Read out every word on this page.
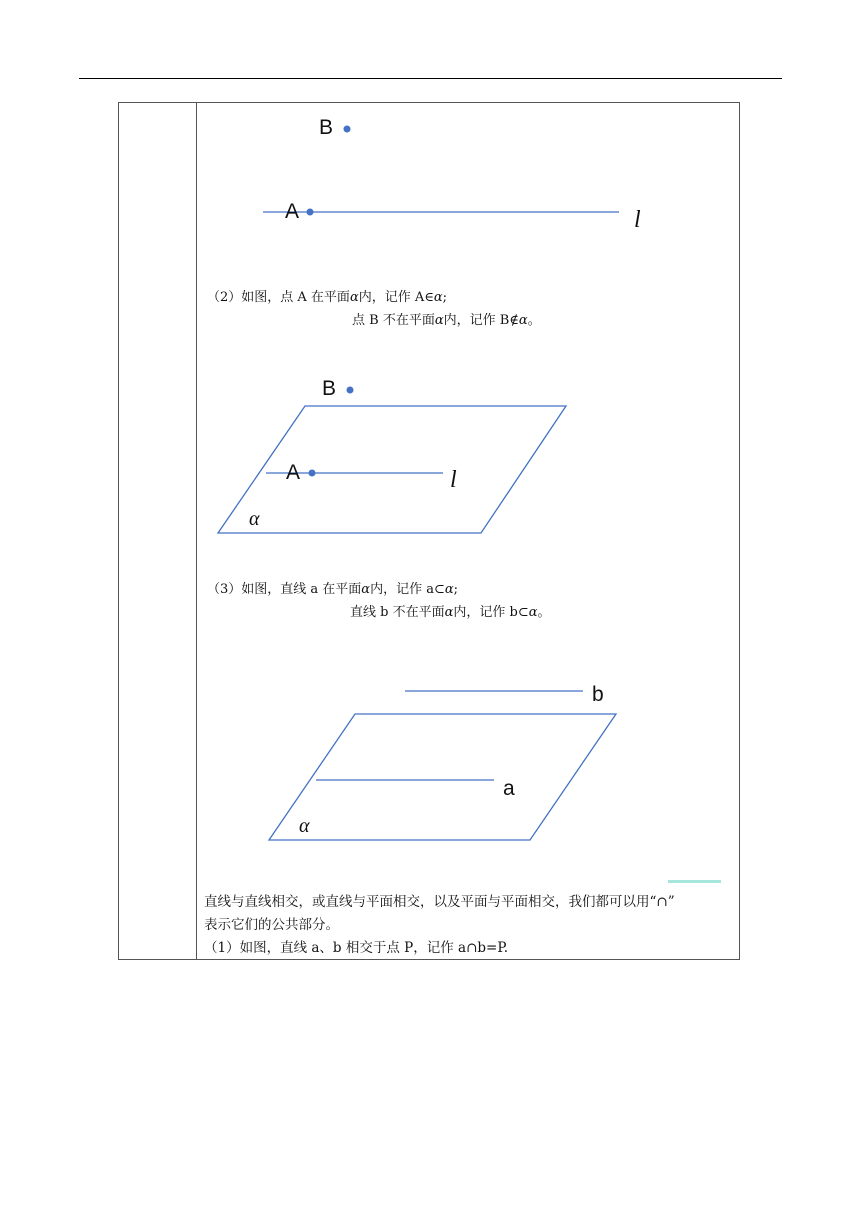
B
A	l
B
A	l
α
b
a
α
（2）如图，点 A 在平面α内，记作 A∈α;
点 B 不在平面α内，记作 B∉α。
（3）如图，直线 a 在平面α内，记作 a⊂α;
直线 b 不在平面α内，记作 b⊂α。
直线与直线相交，或直线与平面相交，以及平面与平面相交，我们都可以用“∩”
表示它们的公共部分。
（1）如图，直线 a、b 相交于点 P，记作 a∩b=P.
